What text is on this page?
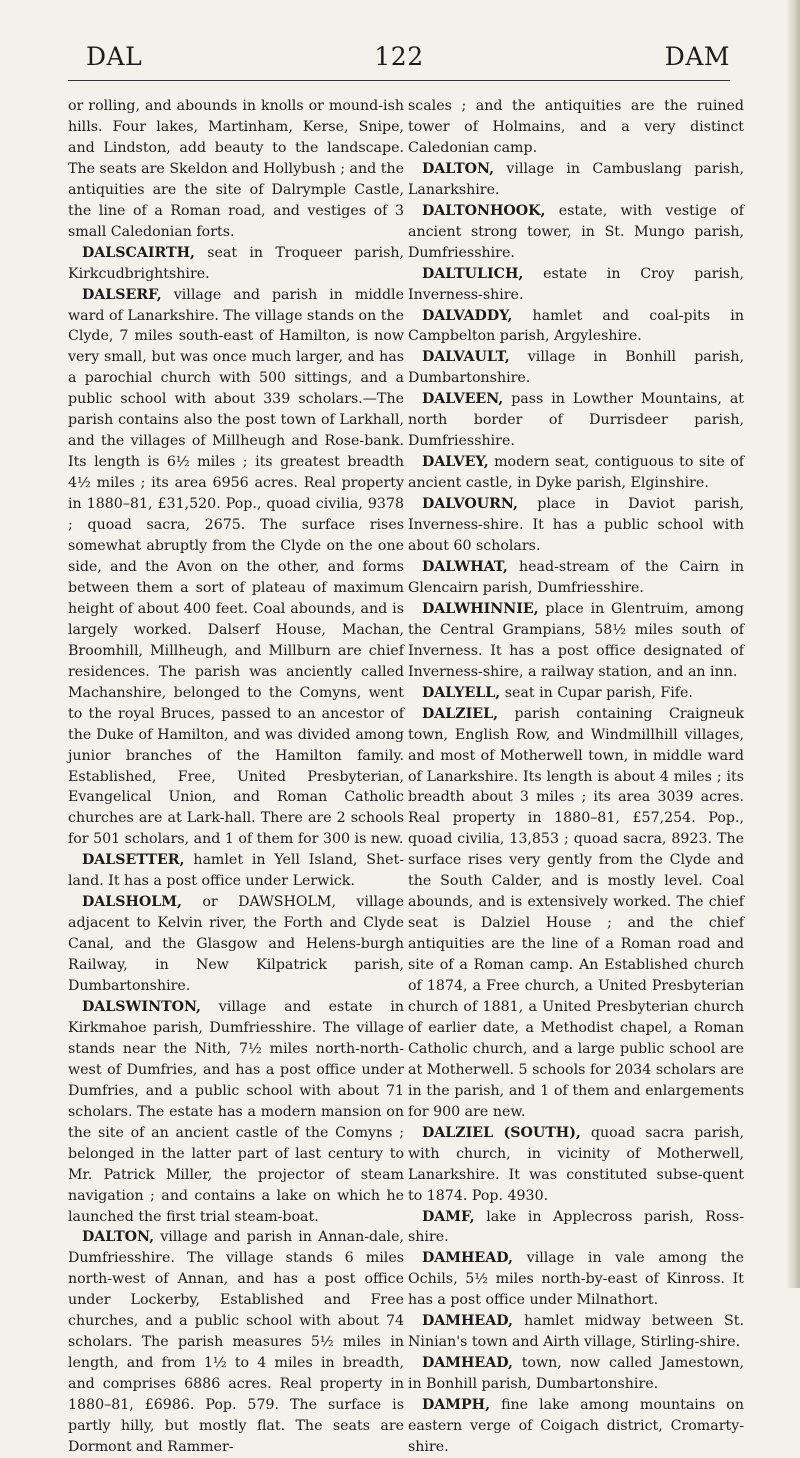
DAL	122	DAM

or rolling, and abounds in knolls or mound-ish hills. Four lakes, Martinham, Kerse, Snipe, and Lindston, add beauty to the landscape. The seats are Skeldon and Hollybush ; and the antiquities are the site of Dalrymple Castle, the line of a Roman road, and vestiges of 3 small Caledonian forts.

DALSCAIRTH, seat in Troqueer parish, Kirkcudbrightshire.

DALSERF, village and parish in middle ward of Lanarkshire. The village stands on the Clyde, 7 miles south-east of Hamilton, is now very small, but was once much larger, and has a parochial church with 500 sittings, and a public school with about 339 scholars.—The parish contains also the post town of Larkhall, and the villages of Millheugh and Rose-bank. Its length is 6½ miles ; its greatest breadth 4½ miles ; its area 6956 acres. Real property in 1880–81, £31,520. Pop., quoad civilia, 9378 ; quoad sacra, 2675. The surface rises somewhat abruptly from the Clyde on the one side, and the Avon on the other, and forms between them a sort of plateau of maximum height of about 400 feet. Coal abounds, and is largely worked. Dalserf House, Machan, Broomhill, Millheugh, and Millburn are chief residences. The parish was anciently called Machanshire, belonged to the Comyns, went to the royal Bruces, passed to an ancestor of the Duke of Hamilton, and was divided among junior branches of the Hamilton family. Established, Free, United Presbyterian, Evangelical Union, and Roman Catholic churches are at Lark-hall. There are 2 schools for 501 scholars, and 1 of them for 300 is new.

DALSETTER, hamlet in Yell Island, Shet-land. It has a post office under Lerwick.

DALSHOLM, or DAWSHOLM, village adjacent to Kelvin river, the Forth and Clyde Canal, and the Glasgow and Helens-burgh Railway, in New Kilpatrick parish, Dumbartonshire.

DALSWINTON, village and estate in Kirkmahoe parish, Dumfriesshire. The village stands near the Nith, 7½ miles north-north-west of Dumfries, and has a post office under Dumfries, and a public school with about 71 scholars. The estate has a modern mansion on the site of an ancient castle of the Comyns ; belonged in the latter part of last century to Mr. Patrick Miller, the projector of steam navigation ; and contains a lake on which he launched the first trial steam-boat.

DALTON, village and parish in Annan-dale, Dumfriesshire. The village stands 6 miles north-west of Annan, and has a post office under Lockerby, Established and Free churches, and a public school with about 74 scholars. The parish measures 5½ miles in length, and from 1½ to 4 miles in breadth, and comprises 6886 acres. Real property in 1880–81, £6986. Pop. 579. The surface is partly hilly, but mostly flat. The seats are Dormont and Rammer-

scales ; and the antiquities are the ruined tower of Holmains, and a very distinct Caledonian camp.

DALTON, village in Cambuslang parish, Lanarkshire.

DALTONHOOK, estate, with vestige of ancient strong tower, in St. Mungo parish, Dumfriesshire.

DALTULICH, estate in Croy parish, Inverness-shire.

DALVADDY, hamlet and coal-pits in Campbelton parish, Argyleshire.

DALVAULT, village in Bonhill parish, Dumbartonshire.

DALVEEN, pass in Lowther Mountains, at north border of Durrisdeer parish, Dumfriesshire.

DALVEY, modern seat, contiguous to site of ancient castle, in Dyke parish, Elginshire.

DALVOURN, place in Daviot parish, Inverness-shire. It has a public school with about 60 scholars.

DALWHAT, head-stream of the Cairn in Glencairn parish, Dumfriesshire.

DALWHINNIE, place in Glentruim, among the Central Grampians, 58½ miles south of Inverness. It has a post office designated of Inverness-shire, a railway station, and an inn.

DALYELL, seat in Cupar parish, Fife.

DALZIEL, parish containing Craigneuk town, English Row, and Windmillhill villages, and most of Motherwell town, in middle ward of Lanarkshire. Its length is about 4 miles ; its breadth about 3 miles ; its area 3039 acres. Real property in 1880–81, £57,254. Pop., quoad civilia, 13,853 ; quoad sacra, 8923. The surface rises very gently from the Clyde and the South Calder, and is mostly level. Coal abounds, and is extensively worked. The chief seat is Dalziel House ; and the chief antiquities are the line of a Roman road and site of a Roman camp. An Established church of 1874, a Free church, a United Presbyterian church of 1881, a United Presbyterian church of earlier date, a Methodist chapel, a Roman Catholic church, and a large public school are at Motherwell. 5 schools for 2034 scholars are in the parish, and 1 of them and enlargements for 900 are new.

DALZIEL (SOUTH), quoad sacra parish, with church, in vicinity of Motherwell, Lanarkshire. It was constituted subse-quent to 1874. Pop. 4930.

DAMF, lake in Applecross parish, Ross-shire.

DAMHEAD, village in vale among the Ochils, 5½ miles north-by-east of Kinross. It has a post office under Milnathort.

DAMHEAD, hamlet midway between St. Ninian's town and Airth village, Stirling-shire.

DAMHEAD, town, now called Jamestown, in Bonhill parish, Dumbartonshire.

DAMPH, fine lake among mountains on eastern verge of Coigach district, Cromarty-shire.
